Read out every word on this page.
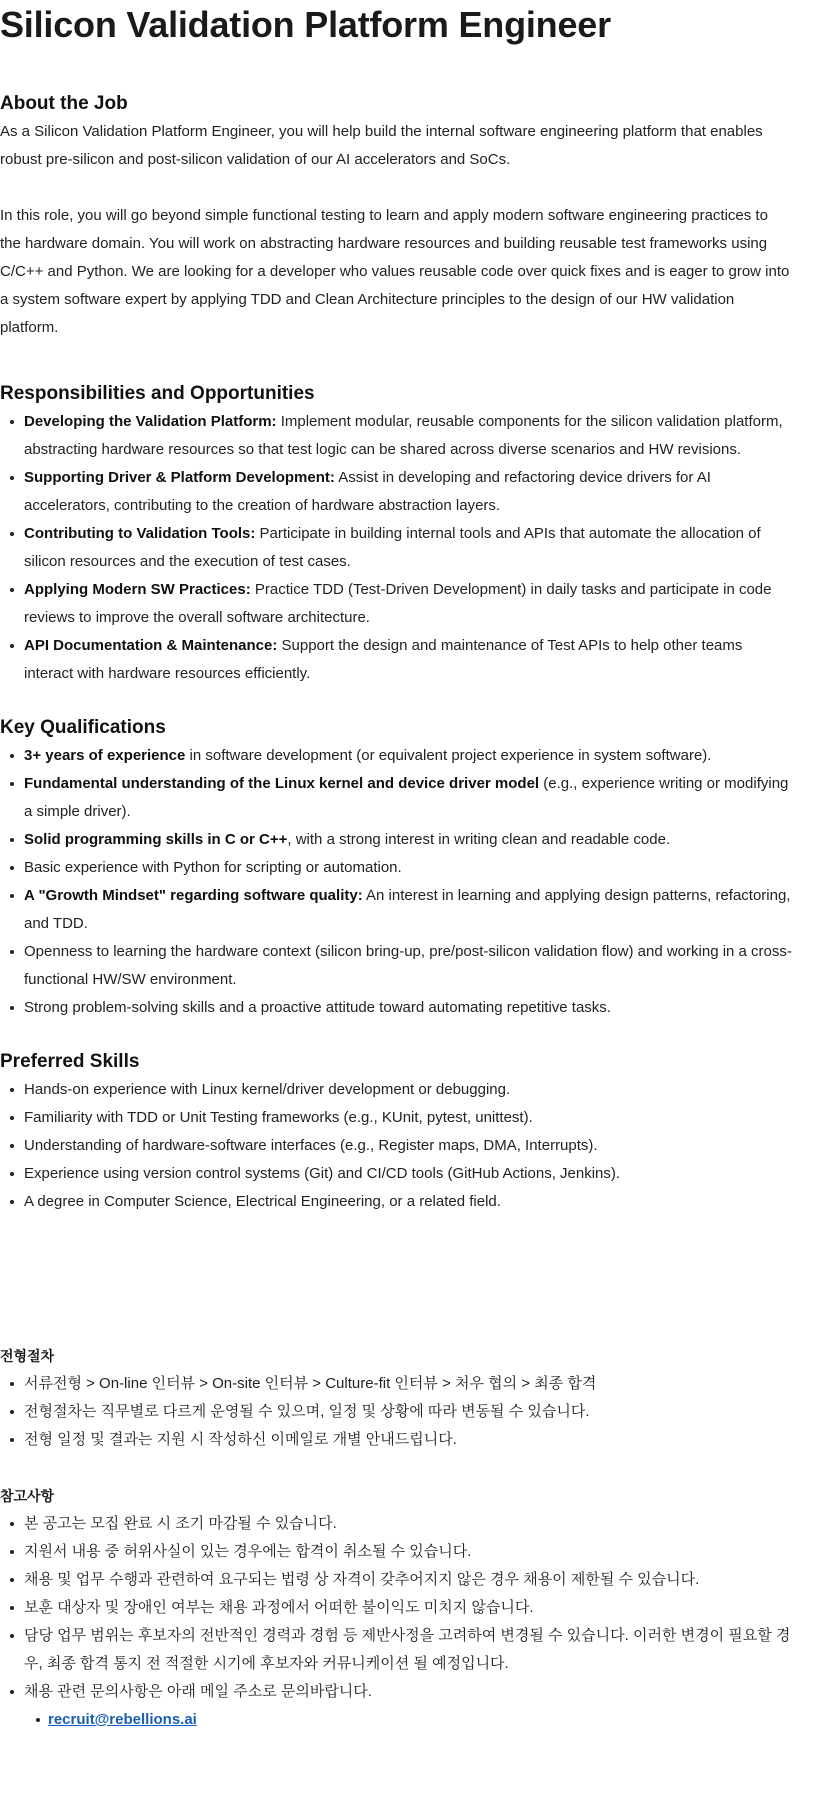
Silicon Validation Platform Engineer
About the Job

As a Silicon Validation Platform Engineer, you will help build the internal software engineering platform that enables robust pre-silicon and post-silicon validation of our AI accelerators and SoCs.

In this role, you will go beyond simple functional testing to learn and apply modern software engineering practices to the hardware domain. You will work on abstracting hardware resources and building reusable test frameworks using C/C++ and Python. We are looking for a developer who values reusable code over quick fixes and is eager to grow into a system software expert by applying TDD and Clean Architecture principles to the design of our HW validation platform.

Responsibilities and Opportunities
Developing the Validation Platform: Implement modular, reusable components for the silicon validation platform, abstracting hardware resources so that test logic can be shared across diverse scenarios and HW revisions.
Supporting Driver & Platform Development: Assist in developing and refactoring device drivers for AI accelerators, contributing to the creation of hardware abstraction layers.
Contributing to Validation Tools: Participate in building internal tools and APIs that automate the allocation of silicon resources and the execution of test cases.
Applying Modern SW Practices: Practice TDD (Test-Driven Development) in daily tasks and participate in code reviews to improve the overall software architecture.
API Documentation & Maintenance: Support the design and maintenance of Test APIs to help other teams interact with hardware resources efficiently.
Key Qualifications
3+ years of experience in software development (or equivalent project experience in system software).
Fundamental understanding of the Linux kernel and device driver model (e.g., experience writing or modifying a simple driver).
Solid programming skills in C or C++, with a strong interest in writing clean and readable code.
Basic experience with Python for scripting or automation.
A "Growth Mindset" regarding software quality: An interest in learning and applying design patterns, refactoring, and TDD.
Openness to learning the hardware context (silicon bring-up, pre/post-silicon validation flow) and working in a cross-functional HW/SW environment.
Strong problem-solving skills and a proactive attitude toward automating repetitive tasks.
Preferred Skills
Hands-on experience with Linux kernel/driver development or debugging.
Familiarity with TDD or Unit Testing frameworks (e.g., KUnit, pytest, unittest).
Understanding of hardware-software interfaces (e.g., Register maps, DMA, Interrupts).
Experience using version control systems (Git) and CI/CD tools (GitHub Actions, Jenkins).
A degree in Computer Science, Electrical Engineering, or a related field.
전형절차
서류전형 > On-line 인터뷰 > On-site 인터뷰 > Culture-fit 인터뷰 > 처우 협의 > 최종 합격
전형절차는 직무별로 다르게 운영될 수 있으며, 일정 및 상황에 따라 변동될 수 있습니다.
전형 일정 및 결과는 지원 시 작성하신 이메일로 개별 안내드립니다.
참고사항
본 공고는 모집 완료 시 조기 마감될 수 있습니다.
지원서 내용 중 허위사실이 있는 경우에는 합격이 취소될 수 있습니다.
채용 및 업무 수행과 관련하여 요구되는 법령 상 자격이 갖추어지지 않은 경우 채용이 제한될 수 있습니다.
보훈 대상자 및 장애인 여부는 채용 과정에서 어떠한 불이익도 미치지 않습니다.
담당 업무 범위는 후보자의 전반적인 경력과 경험 등 제반사정을 고려하여 변경될 수 있습니다. 이러한 변경이 필요할 경우, 최종 합격 통지 전 적절한 시기에 후보자와 커뮤니케이션 될 예정입니다.
채용 관련 문의사항은 아래 메일 주소로 문의바랍니다.
recruit@rebellions.ai
